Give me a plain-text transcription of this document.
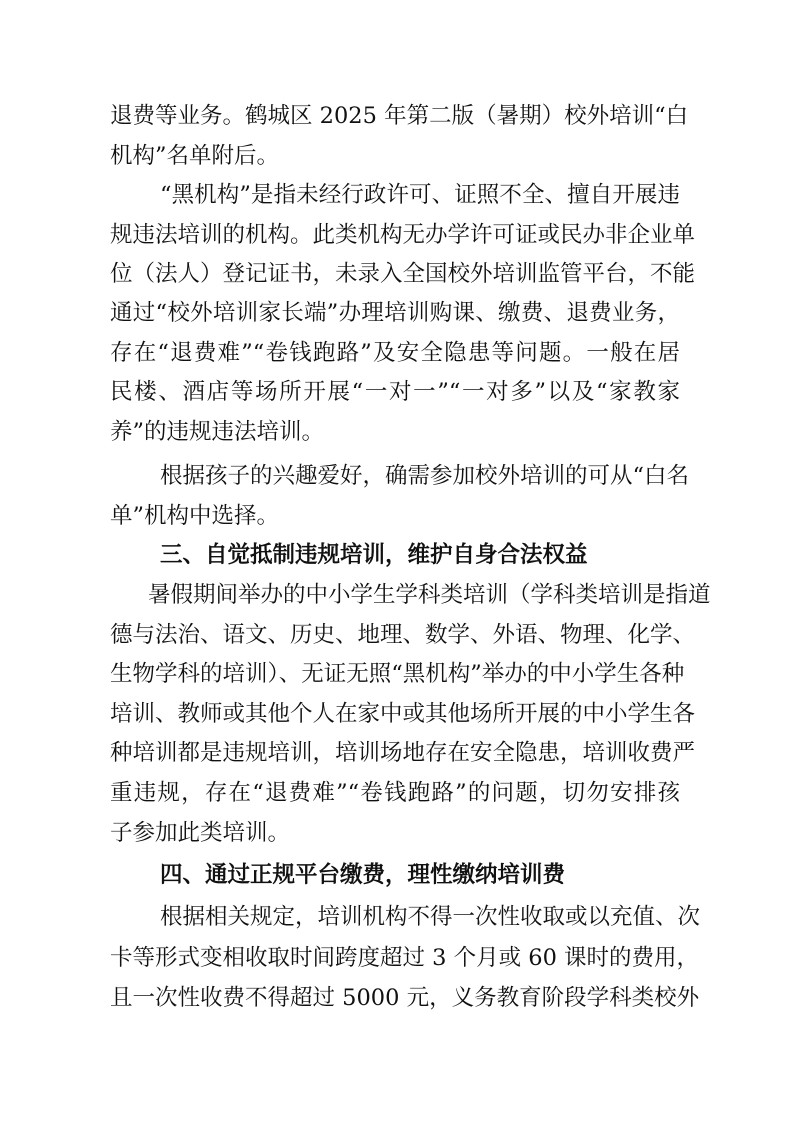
退费等业务。鹤城区 2025 年第二版（暑期）校外培训“白
机构”名单附后。
“黑机构”是指未经行政许可、证照不全、擅自开展违
规违法培训的机构。此类机构无办学许可证或民办非企业单
位（法人）登记证书，未录入全国校外培训监管平台，不能
通过“校外培训家长端”办理培训购课、缴费、退费业务，
存在“退费难”“卷钱跑路”及安全隐患等问题。一般在居
民楼、酒店等场所开展“一对一”“一对多”以及“家教家
养”的违规违法培训。
根据孩子的兴趣爱好，确需参加校外培训的可从“白名
单”机构中选择。
三、自觉抵制违规培训，维护自身合法权益
暑假期间举办的中小学生学科类培训（学科类培训是指道
德与法治、语文、历史、地理、数学、外语、物理、化学、
生物学科的培训）、无证无照“黑机构”举办的中小学生各种
培训、教师或其他个人在家中或其他场所开展的中小学生各
种培训都是违规培训，培训场地存在安全隐患，培训收费严
重违规，存在“退费难”“卷钱跑路”的问题，切勿安排孩
子参加此类培训。
四、通过正规平台缴费，理性缴纳培训费
根据相关规定，培训机构不得一次性收取或以充值、次
卡等形式变相收取时间跨度超过 3 个月或 60 课时的费用，
且一次性收费不得超过 5000 元，义务教育阶段学科类校外
